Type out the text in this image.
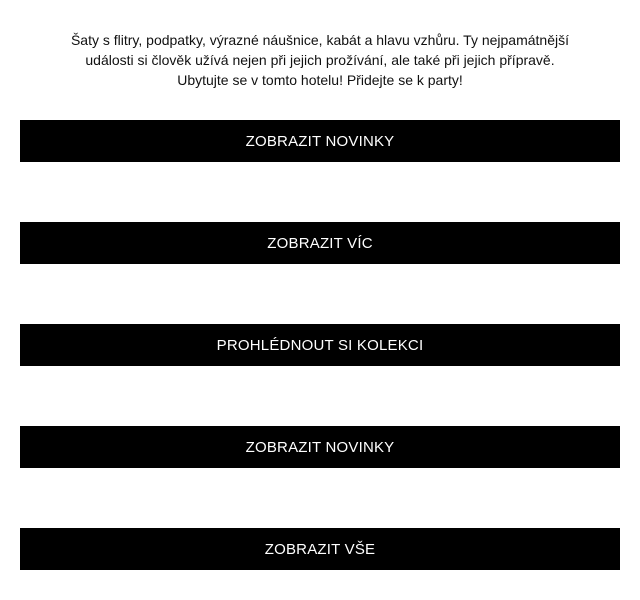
Šaty s flitry, podpatky, výrazné náušnice, kabát a hlavu vzhůru. Ty nejpamátnější
události si člověk užívá nejen při jejich prožívání, ale také při jejich přípravě.
Ubytujte se v tomto hotelu! Přidejte se k party!
ZOBRAZIT NOVINKY
ZOBRAZIT VÍC
PROHLÉDNOUT SI KOLEKCI
ZOBRAZIT NOVINKY
ZOBRAZIT VŠE
